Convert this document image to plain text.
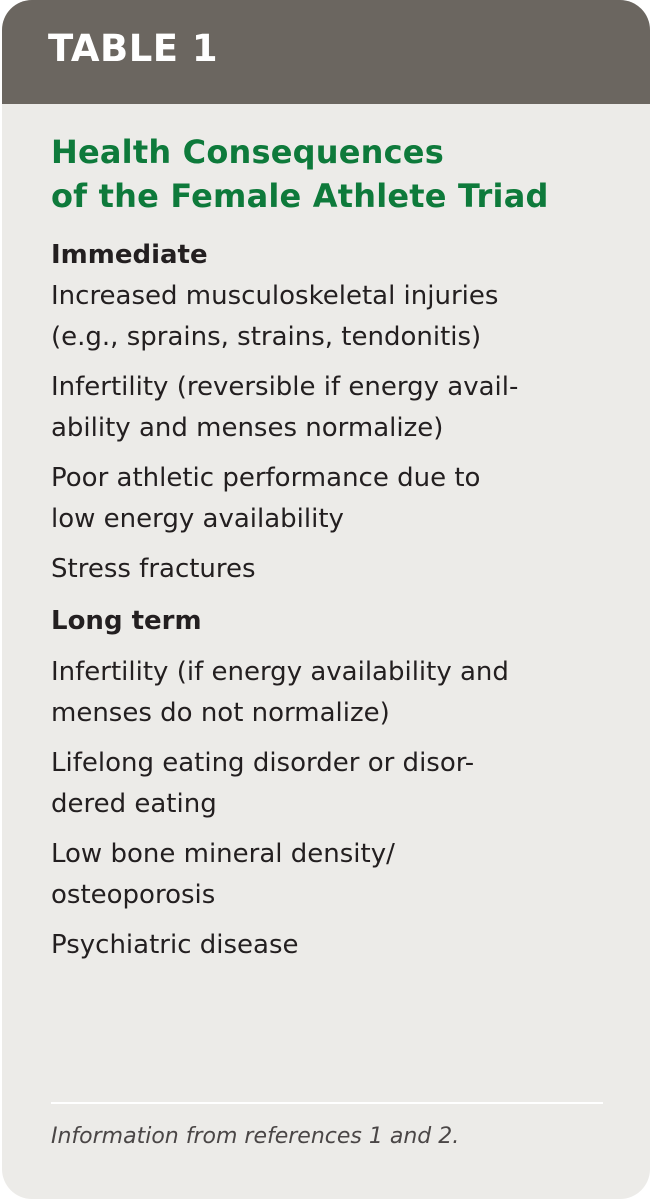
TABLE 1
Health Consequences
of the Female Athlete Triad
Immediate

Increased musculoskeletal injuries
(e.g., sprains, strains, tendonitis)

Infertility (reversible if energy avail-
ability and menses normalize)

Poor athletic performance due to
low energy availability

Stress fractures

Long term

Infertility (if energy availability and
menses do not normalize)

Lifelong eating disorder or disor-
dered eating

Low bone mineral density/
osteoporosis

Psychiatric disease

Information from references 1 and 2.
